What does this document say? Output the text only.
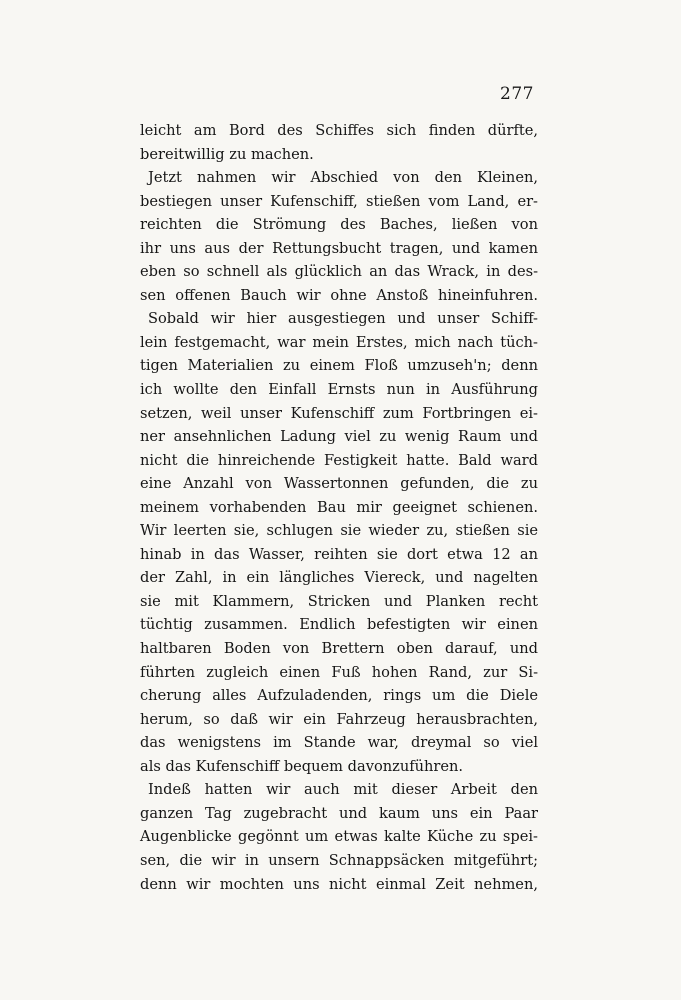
277
leicht am Bord des Schiffes sich finden dürfte,
bereitwillig zu machen.
Jetzt nahmen wir Abschied von den Kleinen,
bestiegen unser Kufenschiff, stießen vom Land, er-
reichten die Strömung des Baches, ließen von
ihr uns aus der Rettungsbucht tragen, und kamen
eben so schnell als glücklich an das Wrack, in des-
sen offenen Bauch wir ohne Anstoß hineinfuhren.
Sobald wir hier ausgestiegen und unser Schiff-
lein festgemacht, war mein Erstes, mich nach tüch-
tigen Materialien zu einem Floß umzuseh'n; denn
ich wollte den Einfall Ernsts nun in Ausführung
setzen, weil unser Kufenschiff zum Fortbringen ei-
ner ansehnlichen Ladung viel zu wenig Raum und
nicht die hinreichende Festigkeit hatte. Bald ward
eine Anzahl von Wassertonnen gefunden, die zu
meinem vorhabenden Bau mir geeignet schienen.
Wir leerten sie, schlugen sie wieder zu, stießen sie
hinab in das Wasser, reihten sie dort etwa 12 an
der Zahl, in ein längliches Viereck, und nagelten
sie mit Klammern, Stricken und Planken recht
tüchtig zusammen. Endlich befestigten wir einen
haltbaren Boden von Brettern oben darauf, und
führten zugleich einen Fuß hohen Rand, zur Si-
cherung alles Aufzuladenden, rings um die Diele
herum, so daß wir ein Fahrzeug herausbrachten,
das wenigstens im Stande war, dreymal so viel
als das Kufenschiff bequem davonzuführen.
Indeß hatten wir auch mit dieser Arbeit den
ganzen Tag zugebracht und kaum uns ein Paar
Augenblicke gegönnt um etwas kalte Küche zu spei-
sen, die wir in unsern Schnappsäcken mitgeführt;
denn wir mochten uns nicht einmal Zeit nehmen,
